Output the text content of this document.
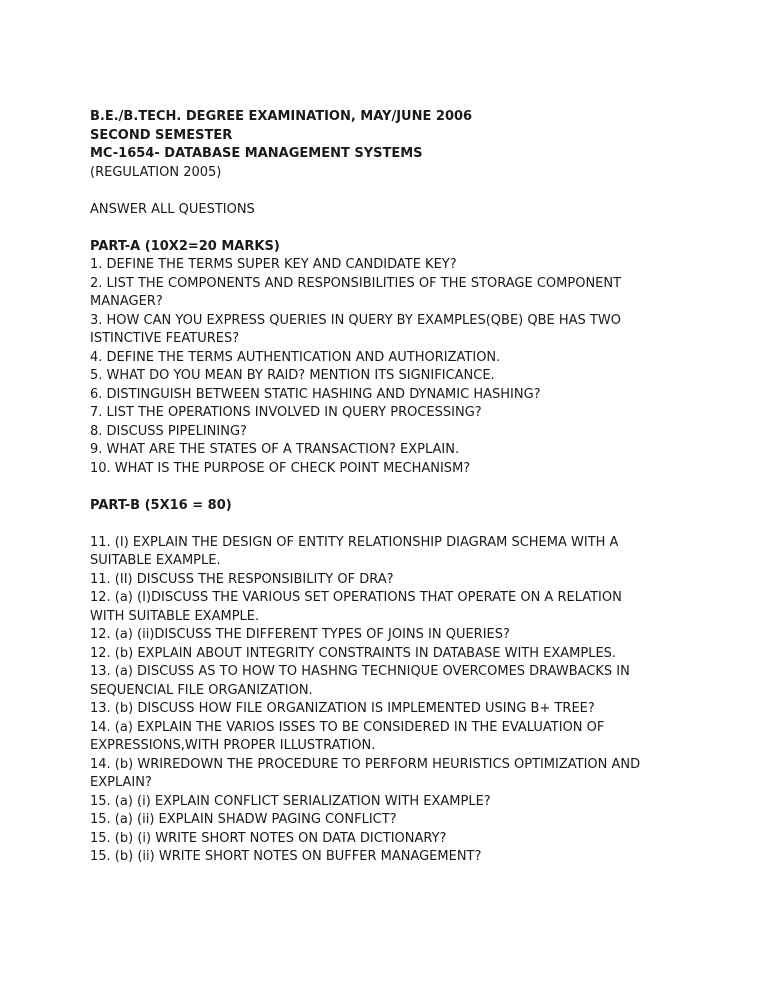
B.E./B.TECH. DEGREE EXAMINATION, MAY/JUNE 2006
SECOND SEMESTER
MC-1654- DATABASE MANAGEMENT SYSTEMS
(REGULATION 2005)
ANSWER ALL QUESTIONS
PART-A (10X2=20 MARKS)
1. DEFINE THE TERMS SUPER KEY AND CANDIDATE KEY?
2. LIST THE COMPONENTS AND RESPONSIBILITIES OF THE STORAGE COMPONENT
MANAGER?
3. HOW CAN YOU EXPRESS QUERIES IN QUERY BY EXAMPLES(QBE) QBE HAS TWO
ISTINCTIVE FEATURES?
4. DEFINE THE TERMS AUTHENTICATION AND AUTHORIZATION.
5. WHAT DO YOU MEAN BY RAID? MENTION ITS SIGNIFICANCE.
6. DISTINGUISH BETWEEN STATIC HASHING AND DYNAMIC HASHING?
7. LIST THE OPERATIONS INVOLVED IN QUERY PROCESSING?
8. DISCUSS PIPELINING?
9. WHAT ARE THE STATES OF A TRANSACTION? EXPLAIN.
10. WHAT IS THE PURPOSE OF CHECK POINT MECHANISM?
PART-B (5X16 = 80)
11. (I) EXPLAIN THE DESIGN OF ENTITY RELATIONSHIP DIAGRAM SCHEMA WITH A
SUITABLE EXAMPLE.
11. (II) DISCUSS THE RESPONSIBILITY OF DRA?
12. (a) (I)DISCUSS THE VARIOUS SET OPERATIONS THAT OPERATE ON A RELATION
WITH SUITABLE EXAMPLE.
12. (a) (ii)DISCUSS THE DIFFERENT TYPES OF JOINS IN QUERIES?
12. (b) EXPLAIN ABOUT INTEGRITY CONSTRAINTS IN DATABASE WITH EXAMPLES.
13. (a) DISCUSS AS TO HOW TO HASHNG TECHNIQUE OVERCOMES DRAWBACKS IN
SEQUENCIAL FILE ORGANIZATION.
13. (b) DISCUSS HOW FILE ORGANIZATION IS IMPLEMENTED USING B+ TREE?
14. (a) EXPLAIN THE VARIOS ISSES TO BE CONSIDERED IN THE EVALUATION OF
EXPRESSIONS,WITH PROPER ILLUSTRATION.
14. (b) WRIREDOWN THE PROCEDURE TO PERFORM HEURISTICS OPTIMIZATION AND
EXPLAIN?
15. (a) (i) EXPLAIN CONFLICT SERIALIZATION WITH EXAMPLE?
15. (a) (ii) EXPLAIN SHADW PAGING CONFLICT?
15. (b) (i) WRITE SHORT NOTES ON DATA DICTIONARY?
15. (b) (ii) WRITE SHORT NOTES ON BUFFER MANAGEMENT?
